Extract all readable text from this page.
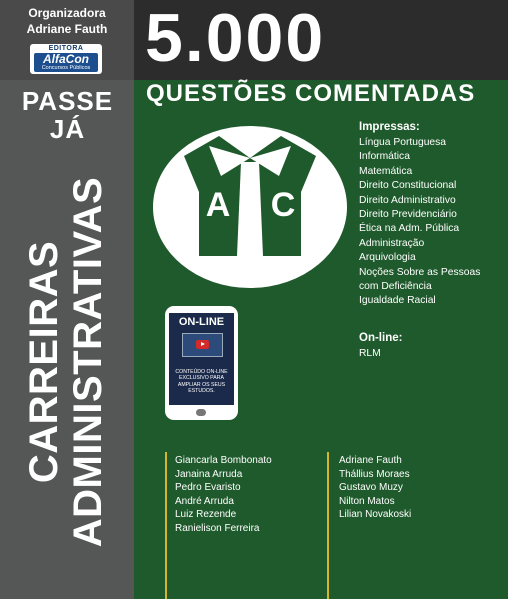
Organizadora
Adriane Fauth
EDITORA
AlfaCon
Concursos Públicos
PASSE
JÁ
CARREIRAS ADMINISTRATIVAS
5.000
QUESTÕES COMENTADAS
A C
Impressas:
Língua Portuguesa
Informática
Matemática
Direito Constitucional
Direito Administrativo
Direito Previdenciário
Ética na Adm. Pública
Administração
Arquivologia
Noções Sobre as Pessoas com Deficiência
Igualdade Racial
On-line:
RLM
ON-LINE
CONTEÚDO ON-LINE EXCLUSIVO PARA AMPLIAR OS SEUS ESTUDOS.
Giancarla Bombonato
Janaina Arruda
Pedro Evaristo
André Arruda
Luiz Rezende
Ranielison Ferreira
Adriane Fauth
Thállius Moraes
Gustavo Muzy
Nilton Matos
Lilian Novakoski
